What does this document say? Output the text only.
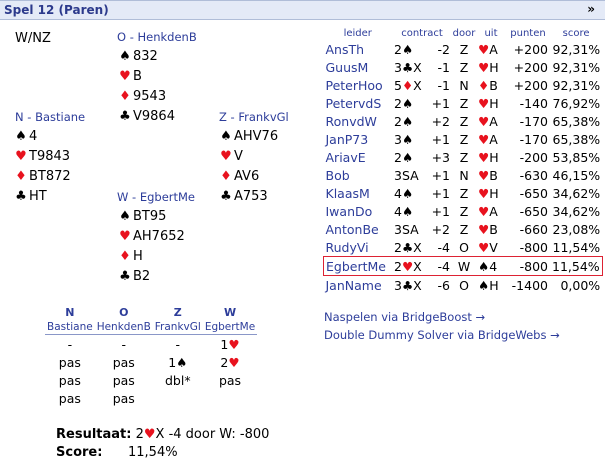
Spel 12 (Paren)	»
W/NZ	O - HenkdenB
♠ 832
♥ B
♦ 9543
♣ V9864
N - Bastiane
♠ 4
♥ T9843
♦ BT872
♣ HT
Z - FrankvGl
♠ AHV76
♥ V
♦ AV6
♣ A753
W - EgbertMe
♠ BT95
♥ AH7652
♦ H
♣ B2
leider	contract	door	uit	punten	score
AnsTh	2♠ -2	Z	♥A	+200	92,31%
GuusM	3♣X -1	Z	♥H	+200	92,31%
PeterHoo	5♦X -1	N	♦B	+200	92,31%
PetervdS	2♠ +1	Z	♥H	-140	76,92%
RonvdW	2♠ +2	Z	♥A	-170	65,38%
JanP73	3♠ +1	Z	♥A	-170	65,38%
AriavE	2♠ +3	Z	♥H	-200	53,85%
Bob	3SA +1	N	♥B	-630	46,15%
KlaasM	4♠ +1	Z	♥H	-650	34,62%
IwanDo	4♠ +1	Z	♥A	-650	34,62%
AntonBe	3SA +2	Z	♥B	-660	23,08%
RudyVi	2♣X -4	O	♥V	-800	11,54%
EgbertMe	2♥X -4	W	♠4	-800	11,54%
JanName	3♣X -6	O	♠H	-1400	0,00%
Naspelen via BridgeBoost →
Double Dummy Solver via BridgeWebs →
N	O	Z	W
Bastiane	HenkdenB	FrankvGl	EgbertMe
-	-	-	1♥
pas	pas	1♠	2♥
pas	pas	dbl*	pas
pas	pas		
Resultaat: 2♥X -4 door W: -800
Score: 11,54%
